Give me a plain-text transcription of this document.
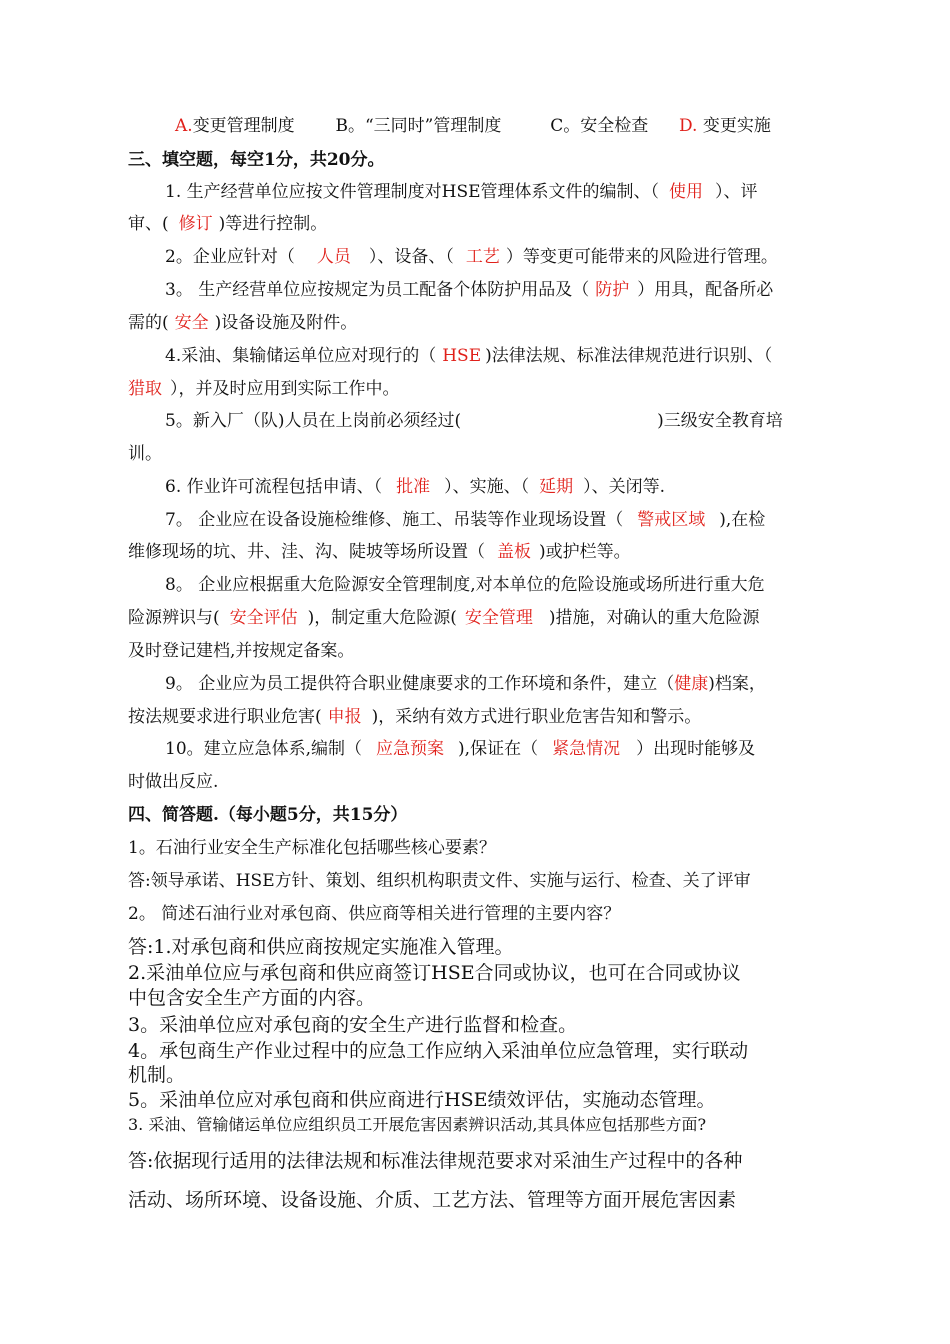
A.变更管理制度 B。“三同时”管理制度	C。安全检查 D. 变更实施
三、填空题，每空1分，共20分。
1. 生产经营单位应按文件管理制度对HSE管理体系文件的编制、（ 使用 ）、评
审、( 修订 )等进行控制。
2。企业应针对（ 人员 ）、设备、（ 工艺 ）等变更可能带来的风险进行管理。
3。 生产经营单位应按规定为员工配备个体防护用品及（ 防护 ）用具，配备所必
需的( 安全 )设备设施及附件。
4.采油、集输储运单位应对现行的（ HSE )法律法规、标准法律规范进行识别、（
猎取 ），并及时应用到实际工作中。
5。新入厂（队)人员在上岗前必须经过(	)三级安全教育培
训。
6. 作业许可流程包括申请、（ 批准 ）、实施、（ 延期 ）、关闭等.
7。 企业应在设备设施检维修、施工、吊装等作业现场设置（ 警戒区域 ),在检
维修现场的坑、井、洼、沟、陡坡等场所设置（ 盖板 )或护栏等。
8。 企业应根据重大危险源安全管理制度,对本单位的危险设施或场所进行重大危
险源辨识与( 安全评估 )，制定重大危险源( 安全管理 )措施，对确认的重大危险源
及时登记建档,并按规定备案。
9。 企业应为员工提供符合职业健康要求的工作环境和条件，建立（健康)档案，
按法规要求进行职业危害( 申报 )，采纳有效方式进行职业危害告知和警示。
10。建立应急体系,编制（ 应急预案 ),保证在（ 紧急情况 ）出现时能够及
时做出反应.
四、简答题.（每小题5分，共15分）
1。石油行业安全生产标准化包括哪些核心要素？
答:领导承诺、HSE方针、策划、组织机构职责文件、实施与运行、检查、关了评审
2。 简述石油行业对承包商、供应商等相关进行管理的主要内容？
答:1.对承包商和供应商按规定实施准入管理。
2.采油单位应与承包商和供应商签订HSE合同或协议，也可在合同或协议
中包含安全生产方面的内容。
3。采油单位应对承包商的安全生产进行监督和检查。
4。承包商生产作业过程中的应急工作应纳入采油单位应急管理，实行联动
机制。
5。采油单位应对承包商和供应商进行HSE绩效评估，实施动态管理。
3. 采油、管输储运单位应组织员工开展危害因素辨识活动,其具体应包括那些方面?
答:依据现行适用的法律法规和标准法律规范要求对采油生产过程中的各种
活动、场所环境、设备设施、介质、工艺方法、管理等方面开展危害因素
